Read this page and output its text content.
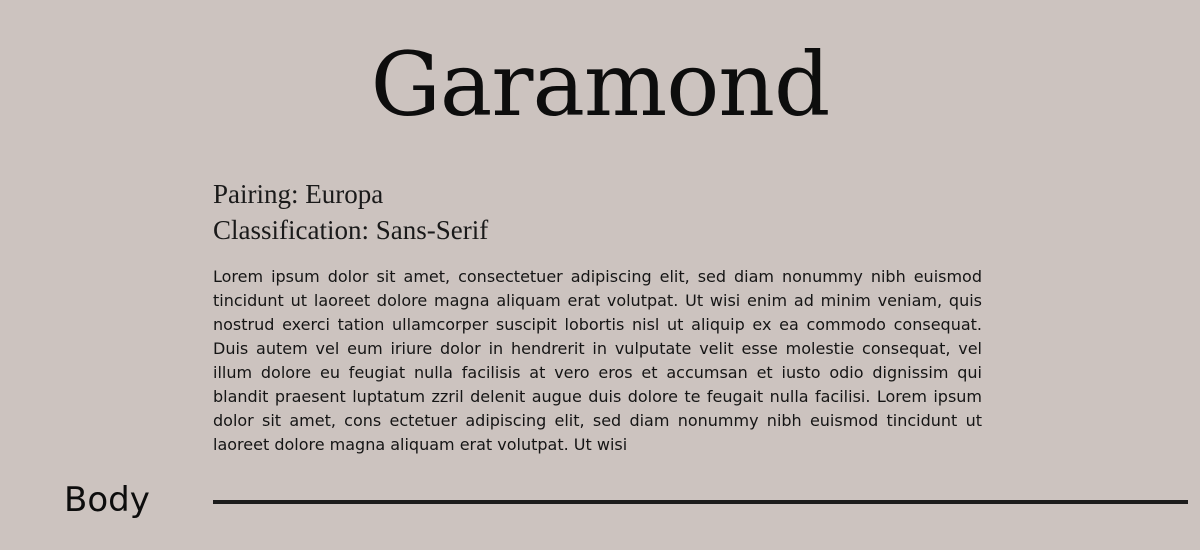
Garamond
Pairing: Europa
Classification: Sans-Serif
Lorem ipsum dolor sit amet, consectetuer adipiscing elit, sed diam nonummy nibh euismod tincidunt ut laoreet dolore magna aliquam erat volutpat. Ut wisi enim ad minim veniam, quis nostrud exerci tation ullamcorper suscipit lobortis nisl ut aliquip ex ea commodo consequat. Duis autem vel eum iriure dolor in hendrerit in vulputate velit esse molestie consequat, vel illum dolore eu feugiat nulla facilisis at vero eros et accumsan et iusto odio dignissim qui blandit praesent luptatum zzril delenit augue duis dolore te feugait nulla facilisi. Lorem ipsum dolor sit amet, cons ectetuer adipiscing elit, sed diam nonummy nibh euismod tincidunt ut laoreet dolore magna aliquam erat volutpat. Ut wisi
Body
